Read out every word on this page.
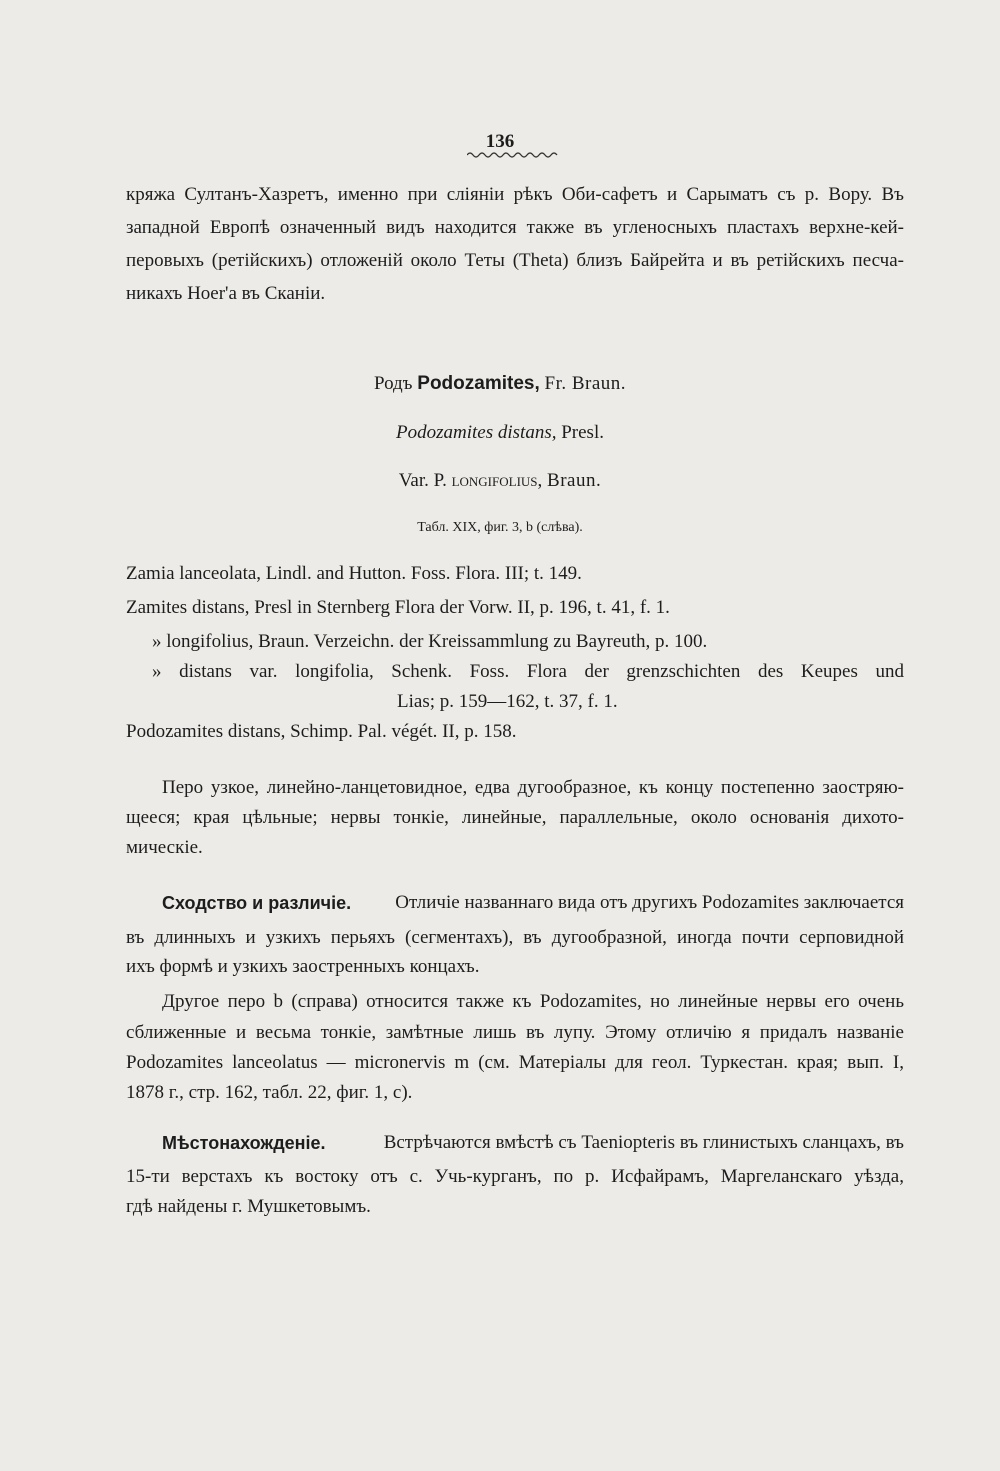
136
кряжа Султанъ-Хазретъ, именно при сліяніи рѣкъ Оби-сафетъ и Сарыматъ съ р. Вору. Въ
западной Европѣ означенный видъ находится также въ угленосныхъ пластахъ верхне-кей-
перовыхъ (ретійскихъ) отложеній около Теты (Theta) близъ Байрейта и въ ретійскихъ песча-
никахъ Hoer'а въ Сканіи.
Родъ Podozamites, Fr. Braun.
Podozamites distans, Presl.
Var. P. longifolius, Braun.
Табл. XIX, фиг. 3, b (слѣва).
Zamia lanceolata, Lindl. and Hutton. Foss. Flora. III; t. 149.
Zamites distans, Presl in Sternberg Flora der Vorw. II, p. 196, t. 41, f. 1.
» longifolius, Braun. Verzeichn. der Kreissammlung zu Bayreuth, p. 100.
» distans var. longifolia, Schenk. Foss. Flora der grenzschichten des Keupes und
Lias; p. 159—162, t. 37, f. 1.
Podozamites distans, Schimp. Pal. végét. II, p. 158.
Перо узкое, линейно-ланцетовидное, едва дугообразное, къ концу постепенно заостряю-
щееся; края цѣльные; нервы тонкіе, линейные, параллельные, около основанія дихото-
мическіе.
Сходство и различіе. Отличіе названнаго вида отъ другихъ Podozamites заключается
въ длинныхъ и узкихъ перьяхъ (сегментахъ), въ дугообразной, иногда почти серповидной
ихъ формѣ и узкихъ заостренныхъ концахъ.
Другое перо b (справа) относится также къ Podozamites, но линейные нервы его очень
сближенные и весьма тонкіе, замѣтные лишь въ лупу. Этому отличію я придалъ названіе
Podozamites lanceolatus — micronervis m (см. Матеріалы для геол. Туркестан. края; вып. I,
1878 г., стр. 162, табл. 22, фиг. 1, c).
Мѣстонахожденіе.	Встрѣчаются вмѣстѣ съ Taeniopteris въ глинистыхъ сланцахъ, въ
15-ти верстахъ къ востоку отъ с. Учь-курганъ, по р. Исфайрамъ, Маргеланскаго уѣзда,
гдѣ найдены г. Мушкетовымъ.
